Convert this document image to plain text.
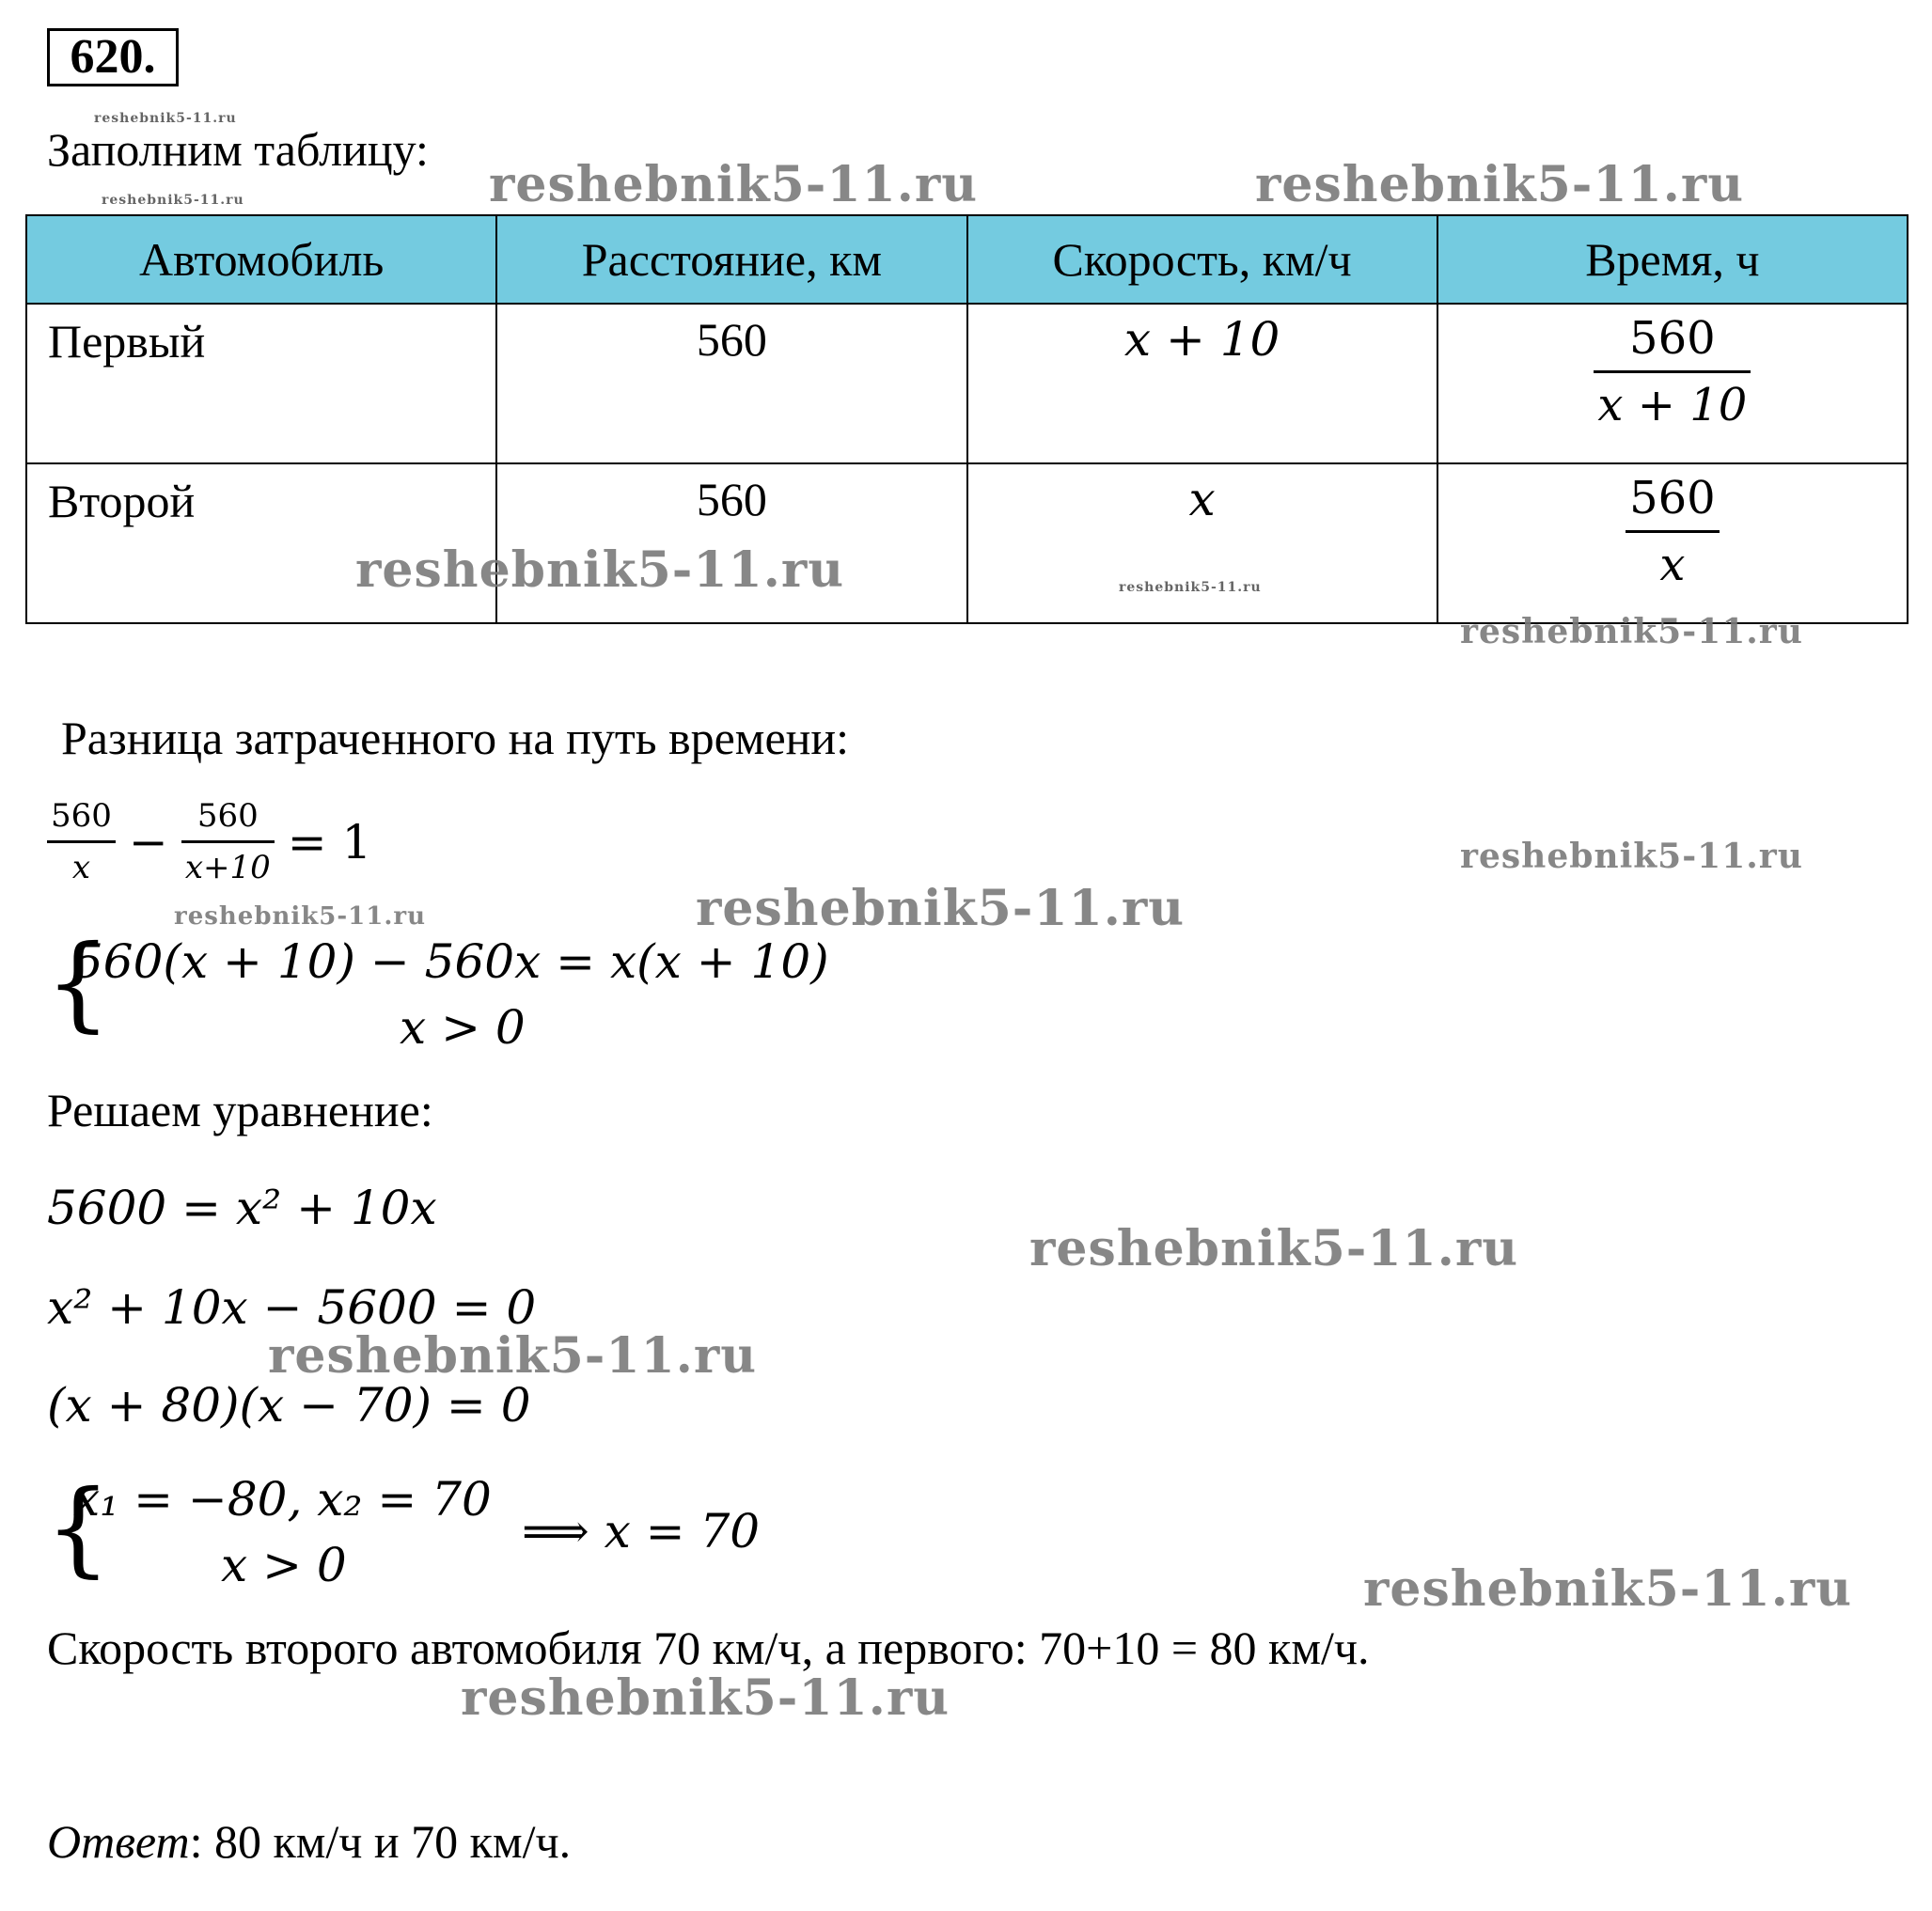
620.
reshebnik5-11.ru
Заполним таблицу:
reshebnik5-11.ru	reshebnik5-11.ru	reshebnik5-11.ru
Автомобиль	Расстояние, км	Скорость, км/ч	Время, ч
Первый	560	x + 10	$\frac{560}{x + 10}$

Второй	560	x	$\frac{560}{x}$
reshebnik5-11.ru	reshebnik5-11.ru
reshebnik5-11.ru
Разница затраченного на путь времени:
$\frac{560}{x} - \frac{560}{x+10} = 1$	reshebnik5-11.ru
reshebnik5-11.ru	reshebnik5-11.ru
{
560(x + 10) − 560x = x(x + 10)
x > 0
Решаем уравнение:
5600 = x² + 10x
reshebnik5-11.ru
x² + 10x − 5600 = 0
reshebnik5-11.ru
(x + 80)(x − 70) = 0
{
x₁ = −80, x₂ = 70
x > 0
⟹ x = 70
reshebnik5-11.ru
Скорость второго автомобиля 70 км/ч, а первого: 70+10 = 80 км/ч.
reshebnik5-11.ru
Ответ: 80 км/ч и 70 км/ч.
